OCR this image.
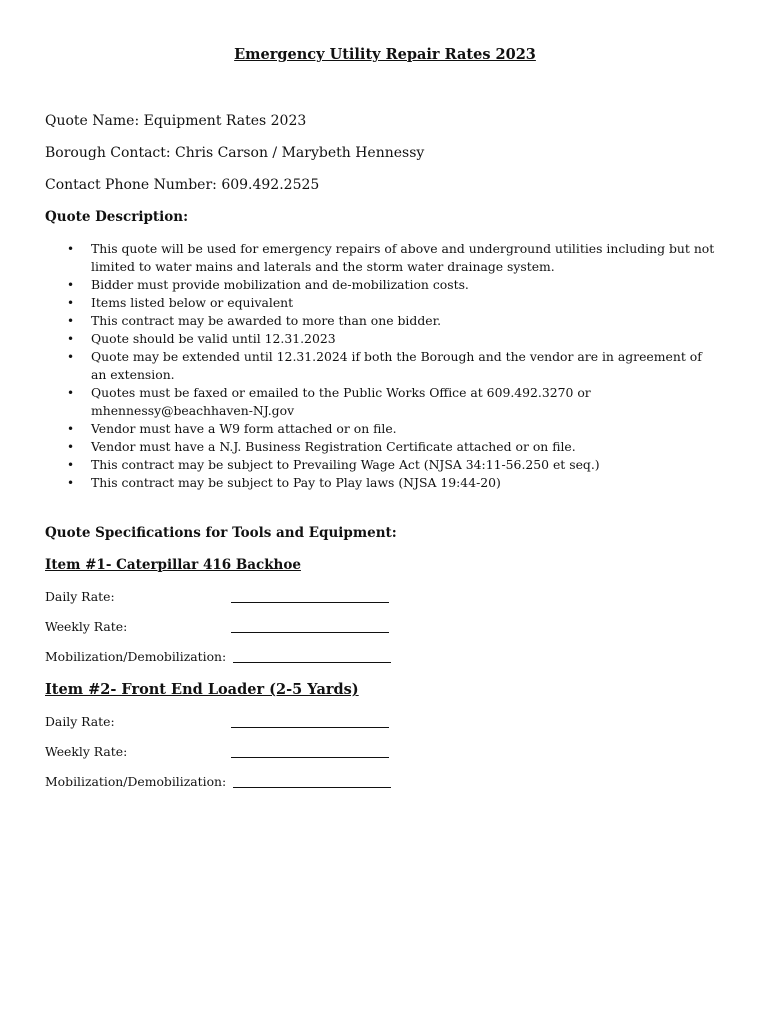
Emergency Utility Repair Rates 2023
Quote Name: Equipment Rates 2023
Borough Contact: Chris Carson / Marybeth Hennessy
Contact Phone Number: 609.492.2525
Quote Description:
• This quote will be used for emergency repairs of above and underground utilities including but not limited to water mains and laterals and the storm water drainage system.
• Bidder must provide mobilization and de-mobilization costs.
• Items listed below or equivalent
• This contract may be awarded to more than one bidder.
• Quote should be valid until 12.31.2023
• Quote may be extended until 12.31.2024 if both the Borough and the vendor are in agreement of an extension.
• Quotes must be faxed or emailed to the Public Works Office at 609.492.3270 or mhennessy@beachhaven-NJ.gov
• Vendor must have a W9 form attached or on file.
• Vendor must have a N.J. Business Registration Certificate attached or on file.
• This contract may be subject to Prevailing Wage Act (NJSA 34:11-56.250 et seq.)
• This contract may be subject to Pay to Play laws (NJSA 19:44-20)
Quote Specifications for Tools and Equipment:
Item #1- Caterpillar 416 Backhoe
Daily Rate:
Weekly Rate:
Mobilization/Demobilization:
Item #2- Front End Loader (2-5 Yards)
Daily Rate:
Weekly Rate:
Mobilization/Demobilization:
